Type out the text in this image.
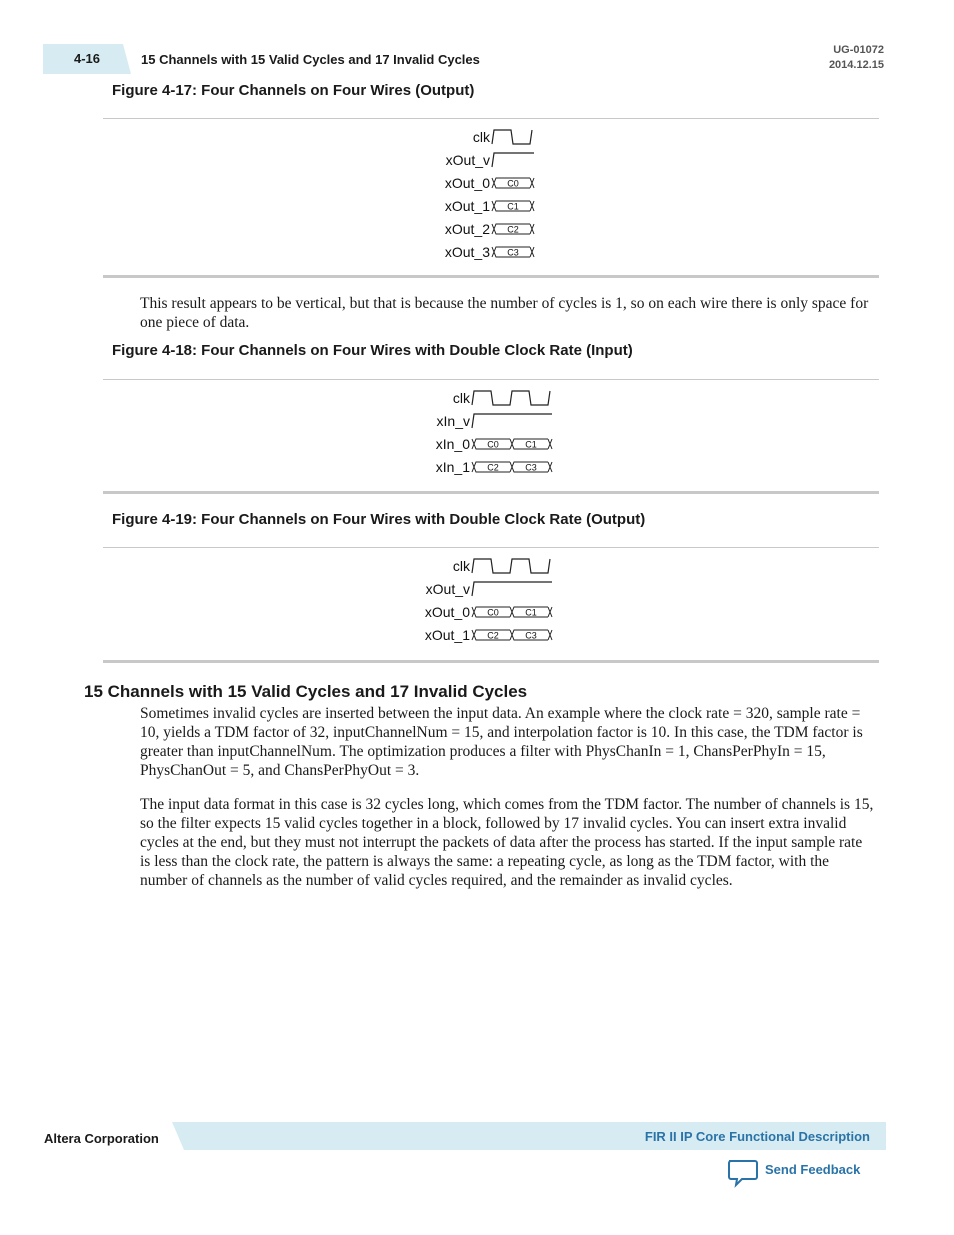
4-16	15 Channels with 15 Valid Cycles and 17 Invalid Cycles
UG-01072
2014.12.15
Figure 4-17: Four Channels on Four Wires (Output)
clk
xOut_v
xOut_0 C0
xOut_1 C1
xOut_2 C2
xOut_3 C3
This result appears to be vertical, but that is because the number of cycles is 1, so on each wire there is only space for one piece of data.
Figure 4-18: Four Channels on Four Wires with Double Clock Rate (Input)
clk
xIn_v
xIn_0 C0	C1
xIn_1 C2	C3
Figure 4-19: Four Channels on Four Wires with Double Clock Rate (Output)
clk
xOut_v
xOut_0 C0	C1
xOut_1 C2	C3
15 Channels with 15 Valid Cycles and 17 Invalid Cycles
Sometimes invalid cycles are inserted between the input data. An example where the clock rate = 320, sample rate = 10, yields a TDM factor of 32, inputChannelNum = 15, and interpolation factor is 10. In this case, the TDM factor is greater than inputChannelNum. The optimization produces a filter with PhysChanIn = 1, ChansPerPhyIn = 15, PhysChanOut = 5, and ChansPerPhyOut = 3.
The input data format in this case is 32 cycles long, which comes from the TDM factor. The number of channels is 15, so the filter expects 15 valid cycles together in a block, followed by 17 invalid cycles. You can insert extra invalid cycles at the end, but they must not interrupt the packets of data after the process has started. If the input sample rate is less than the clock rate, the pattern is always the same: a repeating cycle, as long as the TDM factor, with the number of channels as the number of valid cycles required, and the remainder as invalid cycles.
Altera Corporation	FIR II IP Core Functional Description
Send Feedback
